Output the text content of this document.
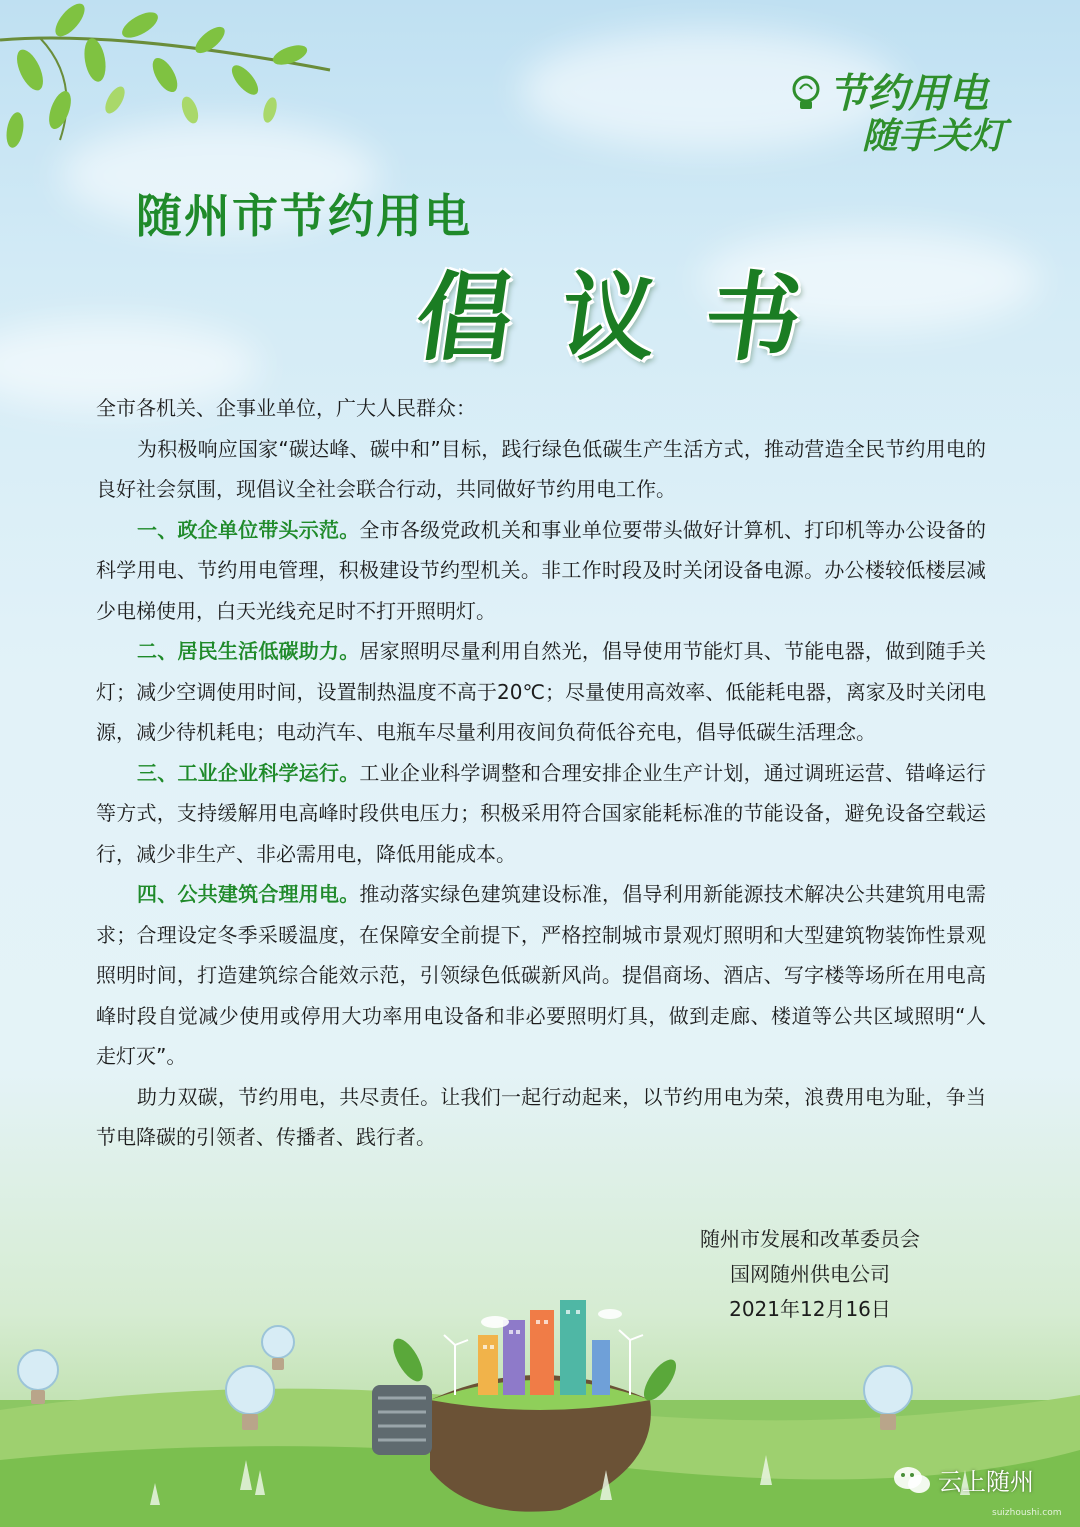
节约用电
随手关灯
随州市节约用电
倡议书

全市各机关、企事业单位，广大人民群众：

为积极响应国家“碳达峰、碳中和”目标，践行绿色低碳生产生活方式，推动营造全民节约用电的良好社会氛围，现倡议全社会联合行动，共同做好节约用电工作。

一、政企单位带头示范。全市各级党政机关和事业单位要带头做好计算机、打印机等办公设备的科学用电、节约用电管理，积极建设节约型机关。非工作时段及时关闭设备电源。办公楼较低楼层减少电梯使用，白天光线充足时不打开照明灯。

二、居民生活低碳助力。居家照明尽量利用自然光，倡导使用节能灯具、节能电器，做到随手关灯；减少空调使用时间，设置制热温度不高于20℃；尽量使用高效率、低能耗电器，离家及时关闭电源，减少待机耗电；电动汽车、电瓶车尽量利用夜间负荷低谷充电，倡导低碳生活理念。

三、工业企业科学运行。工业企业科学调整和合理安排企业生产计划，通过调班运营、错峰运行等方式，支持缓解用电高峰时段供电压力；积极采用符合国家能耗标准的节能设备，避免设备空载运行，减少非生产、非必需用电，降低用能成本。

四、公共建筑合理用电。推动落实绿色建筑建设标准，倡导利用新能源技术解决公共建筑用电需求；合理设定冬季采暖温度，在保障安全前提下，严格控制城市景观灯照明和大型建筑物装饰性景观照明时间，打造建筑综合能效示范，引领绿色低碳新风尚。提倡商场、酒店、写字楼等场所在用电高峰时段自觉减少使用或停用大功率用电设备和非必要照明灯具，做到走廊、楼道等公共区域照明“人走灯灭”。

助力双碳，节约用电，共尽责任。让我们一起行动起来，以节约用电为荣，浪费用电为耻，争当节电降碳的引领者、传播者、践行者。

随州市发展和改革委员会
国网随州供电公司
2021年12月16日
云上随州
suizhoushi.com
